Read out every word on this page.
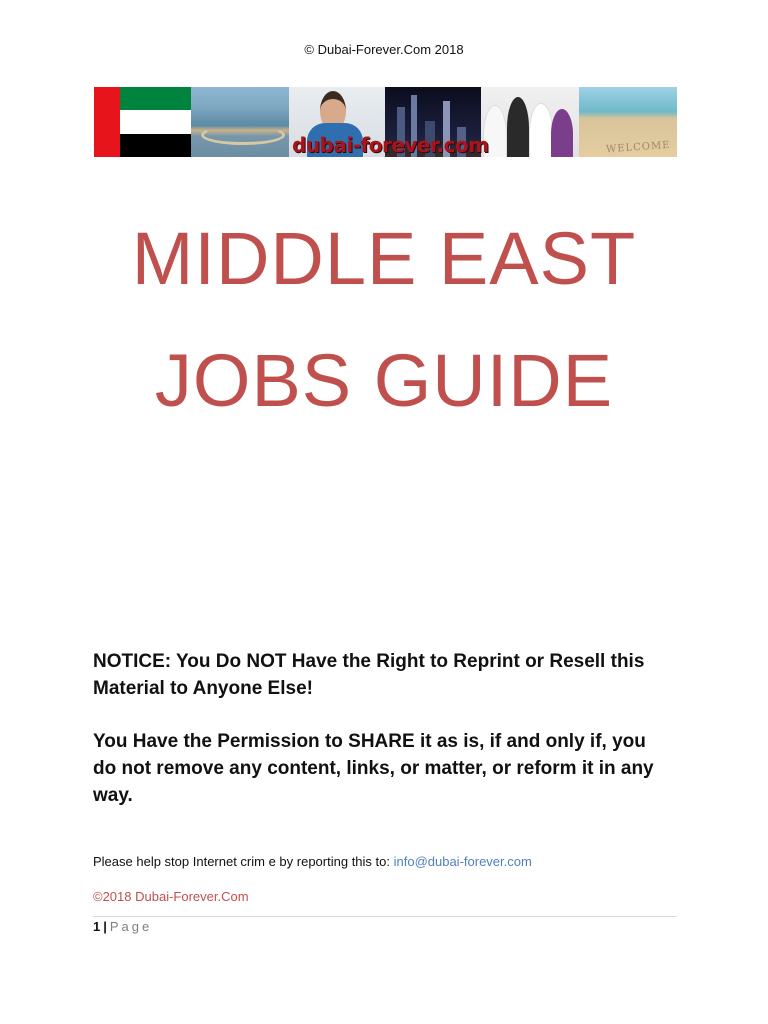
© Dubai-Forever.Com 2018
WELCOME
dubai-forever.com
MIDDLE EAST
JOBS GUIDE
NOTICE: You Do NOT Have the Right to Reprint or Resell this Material to Anyone Else!
You Have the Permission to SHARE it as is, if and only if, you do not remove any content, links, or matter, or reform it in any way.
Please help stop Internet crim e by reporting this to: info@dubai-forever.com
©2018 Dubai-Forever.Com
1 | Page
